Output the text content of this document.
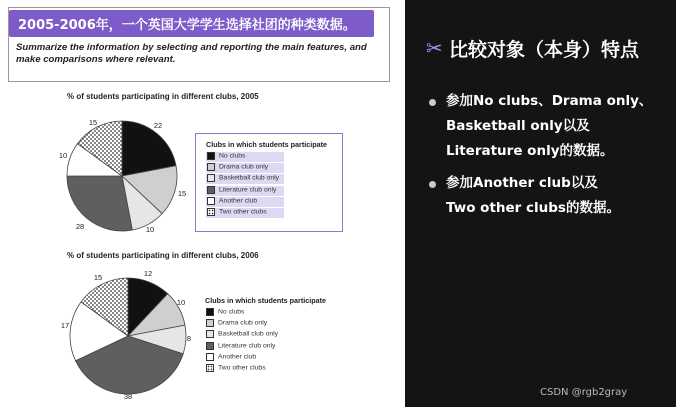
2005-2006年，一个英国大学学生选择社团的种类数据。
Summarize the information by selecting and reporting the main features, and make comparisons where relevant.
% of students participating in different clubs, 2005
22
15
10
28
10
15
12
10
8
38
17
15
Clubs in which students participate
No clubs
Drama club only
Basketball club only
Literature club only
Another club
Two other clubs
% of students participating in different clubs, 2006
Clubs in which students participate
No clubs
Drama club only
Basketball club only
Literature club only
Another club
Two other clubs
✂ 比较对象（本身）特点
参加No clubs、Drama only、
Basketball only以及
Literature only的数据。
参加Another club以及
Two other clubs的数据。
CSDN @rgb2gray
